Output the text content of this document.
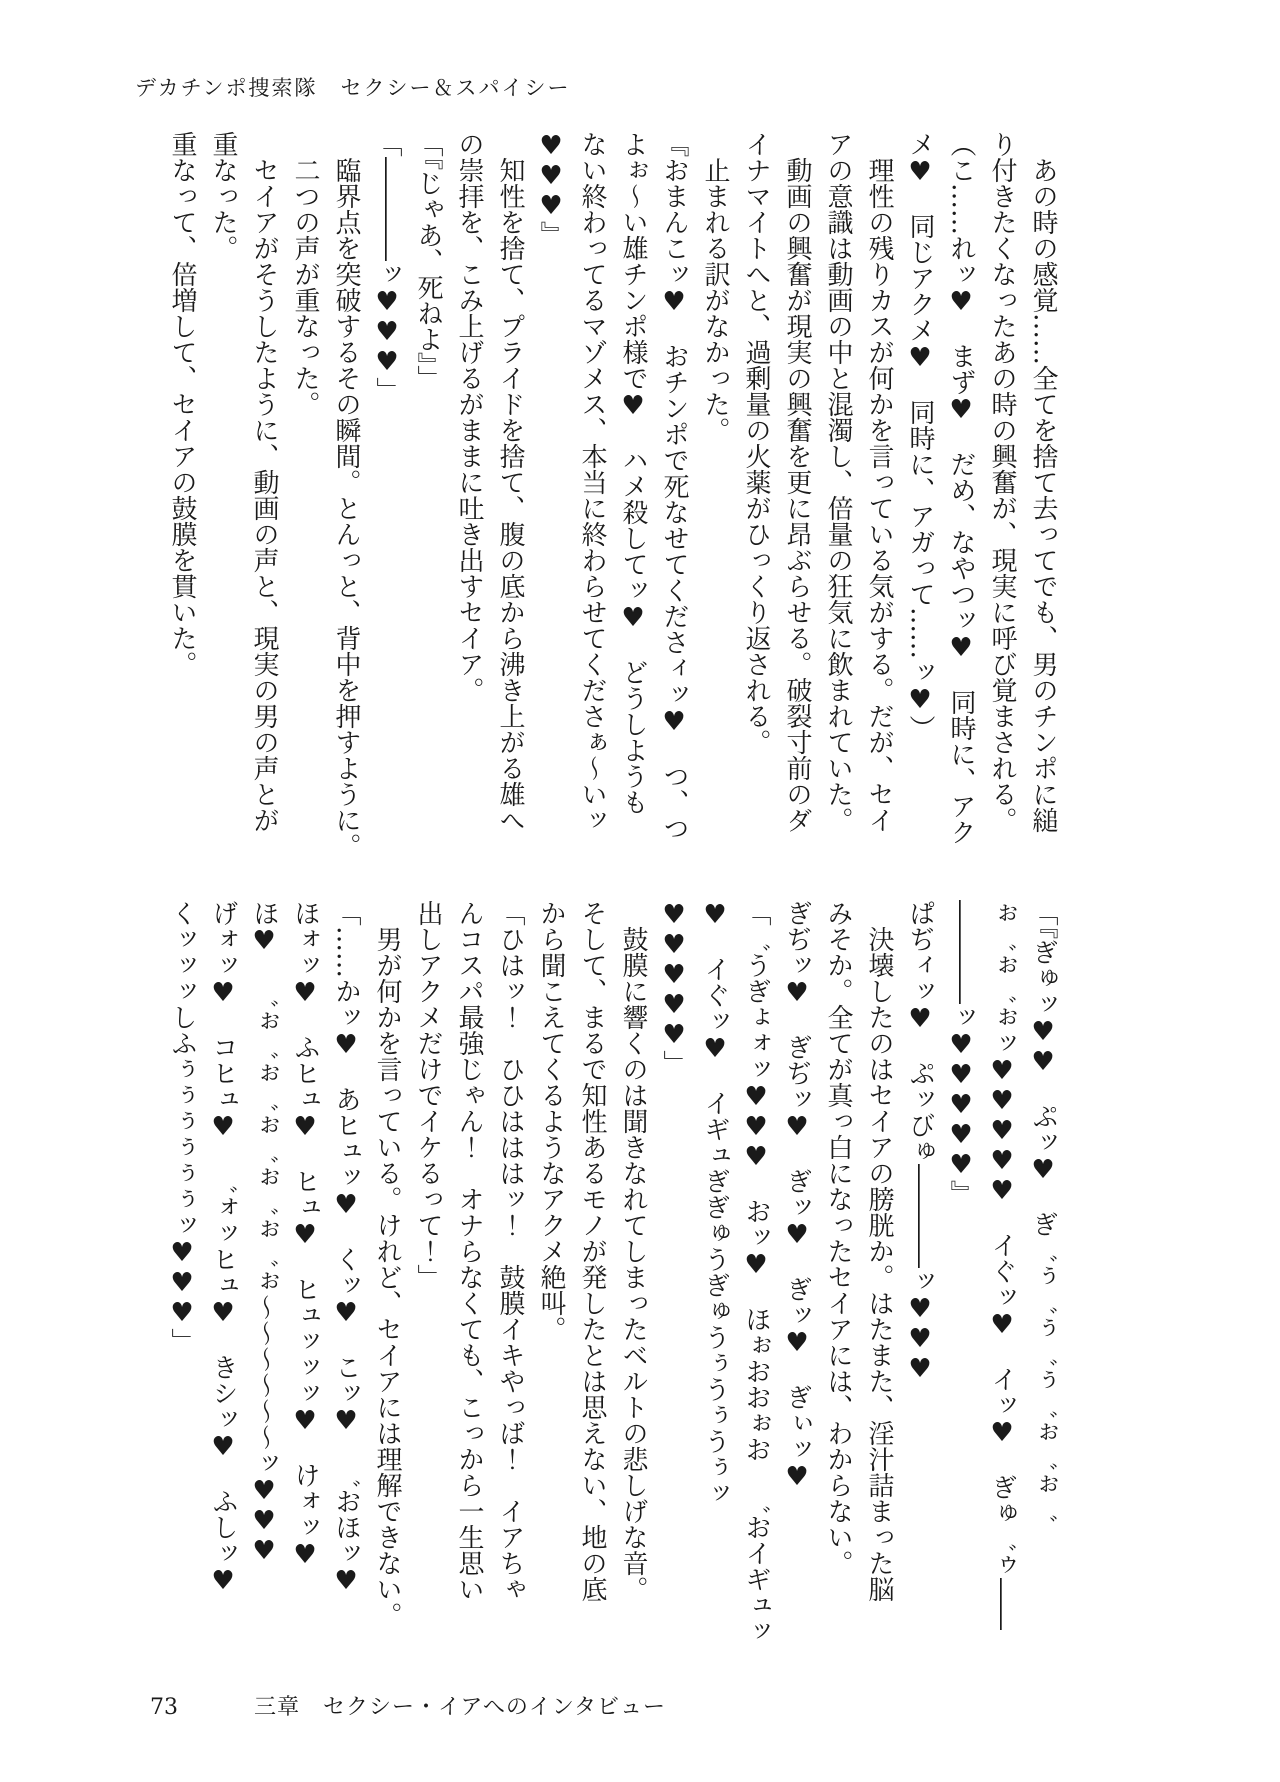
デカチンポ捜索隊　セクシー＆スパイシー

　あの時の感覚……全てを捨て去ってでも、男のチンポに縋

り付きたくなったあの時の興奮が、現実に呼び覚まされる。

（こ……れッ♥　まず♥　だめ、なやつッ♥　同時に、アク

メ♥　同じアクメ♥　同時に、アガって……ッ♥）

　理性の残りカスが何かを言っている気がする。だが、セイ

アの意識は動画の中と混濁し、倍量の狂気に飲まれていた。

　動画の興奮が現実の興奮を更に昂ぶらせる。破裂寸前のダ

イナマイトへと、過剰量の火薬がひっくり返される。

　止まれる訳がなかった。

『おまんこッ♥　おチンポで死なせてくださィッ♥　つ、つ

よぉ～い雄チンポ様で♥　ハメ殺してッ♥　どうしようも

ない終わってるマゾメス、本当に終わらせてくださぁ～いッ

♥♥♥』

　知性を捨て、プライドを捨て、腹の底から沸き上がる雄へ

の崇拝を、こみ上げるがままに吐き出すセイア。

「『じゃあ、死ねよ』」

「――――ッ♥♥♥」

　臨界点を突破するその瞬間。とんっと、背中を押すように。

　二つの声が重なった。

　セイアがそうしたように、動画の声と、現実の男の声とが

重なった。

重なって、倍増して、セイアの鼓膜を貫いた。

「『ぎゅッ♥♥　ぷッ♥　ぎ゛ぅ゛ぅ゛ぅ゛ぉ゛ぉ゛

ぉ゛ぉ゛ぉッ♥♥♥♥♥　イぐッ♥　イッ♥　ぎゅ゛ゥ――

――――ッ♥♥♥♥♥』

ぱぢィッ♥　ぷッびゅ――――ッ♥♥♥

　決壊したのはセイアの膀胱か。はたまた、淫汁詰まった脳

みそか。全てが真っ白になったセイアには、わからない。

ぎぢッ♥　ぎぢッ♥　ぎッ♥　ぎッ♥　ぎぃッ♥

「゛うぎょォッ♥♥♥　おッ♥　ほぉおおぉお　゛おイギュッ

♥　イぐッ♥　イギュぎぎゅうぎゅうぅうぅうぅッ

♥♥♥♥♥」

　鼓膜に響くのは聞きなれてしまったベルトの悲しげな音。

そして、まるで知性あるモノが発したとは思えない、地の底

から聞こえてくるようなアクメ絶叫。

「ひはッ！　ひひはははッ！　鼓膜イキやっば！　イアちゃ

んコスパ最強じゃん！　オナらなくても、こっから一生思い

出しアクメだけでイケるって！」

　男が何かを言っている。けれど、セイアには理解できない。

「……かッ♥　あヒュッ♥　くッ♥　こッ♥　゛おほッ♥

ほォッ♥　ふヒュ♥　ヒュ♥　ヒュッッッ♥　けォッ♥

ほ♥　゛ぉ゛ぉ゛ぉ゛ぉ゛ぉ゛ぉ～～～～～～ッ♥♥♥

げォッ♥　コヒュ♥　゛ォッヒュ♥　きシッ♥　ふしッ♥

くッッッしふぅぅぅぅぅぅッ♥♥♥」

73	三章　セクシー・イアへのインタビュー
